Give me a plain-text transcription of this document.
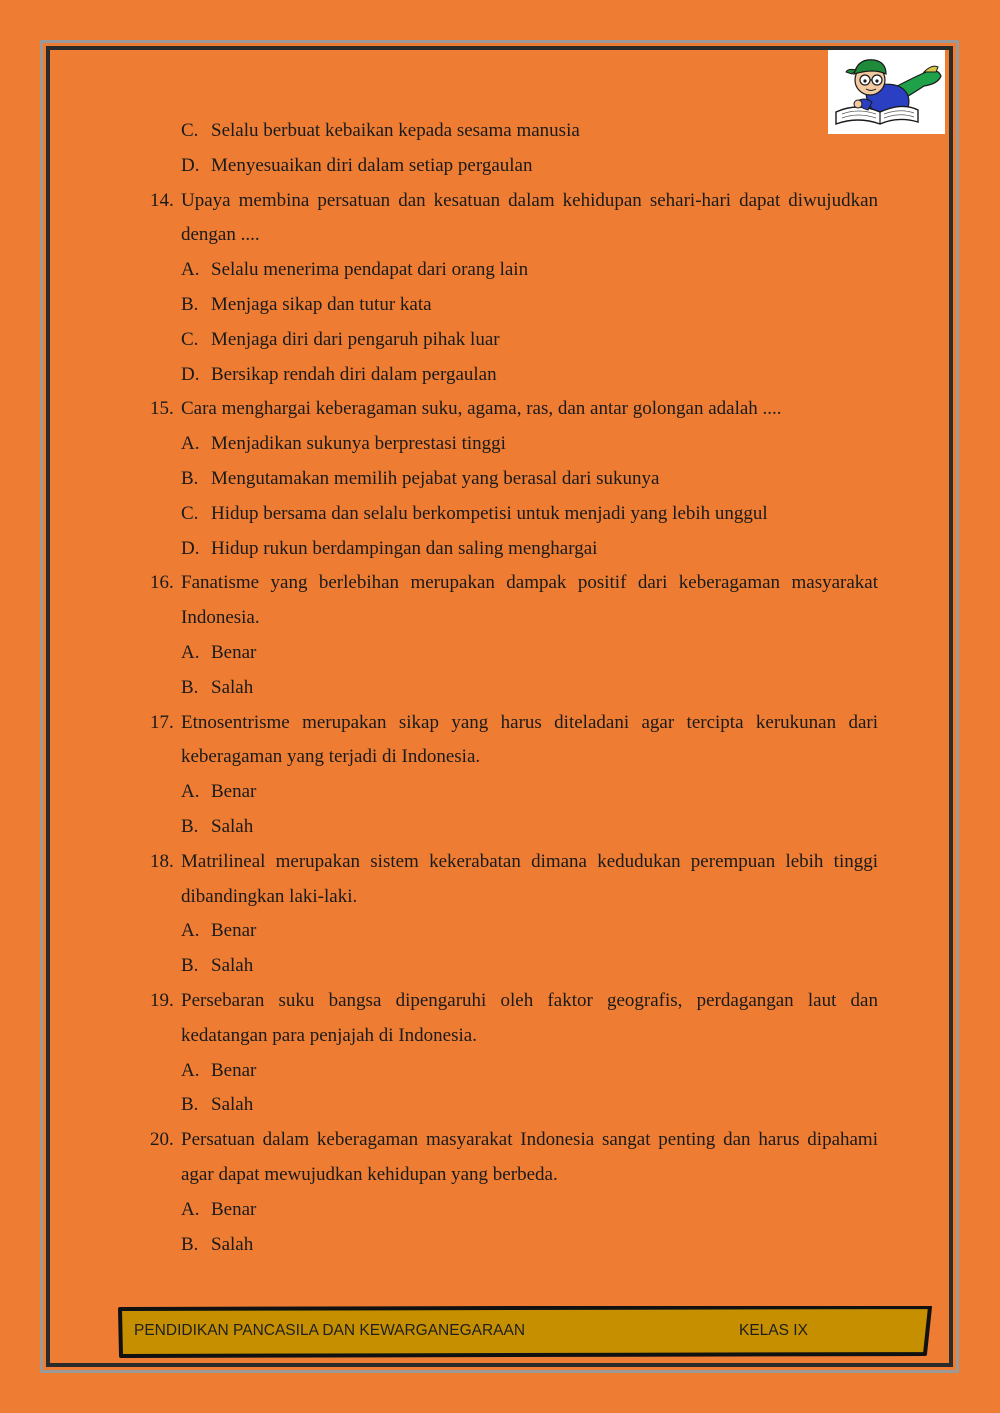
C. Selalu berbuat kebaikan kepada sesama manusia
D. Menyesuaikan diri dalam setiap pergaulan
14. Upaya membina persatuan dan kesatuan dalam kehidupan sehari-hari dapat diwujudkan dengan ....
A. Selalu menerima pendapat dari orang lain
B. Menjaga sikap dan tutur kata
C. Menjaga diri dari pengaruh pihak luar
D. Bersikap rendah diri dalam pergaulan
15. Cara menghargai keberagaman suku, agama, ras, dan antar golongan adalah ....
A. Menjadikan sukunya berprestasi tinggi
B. Mengutamakan memilih pejabat yang berasal dari sukunya
C. Hidup bersama dan selalu berkompetisi untuk menjadi yang lebih unggul
D. Hidup rukun berdampingan dan saling menghargai
16. Fanatisme yang berlebihan merupakan dampak positif dari keberagaman masyarakat Indonesia.
A. Benar
B. Salah
17. Etnosentrisme merupakan sikap yang harus diteladani agar tercipta kerukunan dari keberagaman yang terjadi di Indonesia.
A. Benar
B. Salah
18. Matrilineal merupakan sistem kekerabatan dimana kedudukan perempuan lebih tinggi dibandingkan laki-laki.
A. Benar
B. Salah
19. Persebaran suku bangsa dipengaruhi oleh faktor geografis, perdagangan laut dan kedatangan para penjajah di Indonesia.
A. Benar
B. Salah
20. Persatuan dalam keberagaman masyarakat Indonesia sangat penting dan harus dipahami agar dapat mewujudkan kehidupan yang berbeda.
A. Benar
B. Salah
PENDIDIKAN PANCASILA DAN KEWARGANEGARAAN	KELAS IX
